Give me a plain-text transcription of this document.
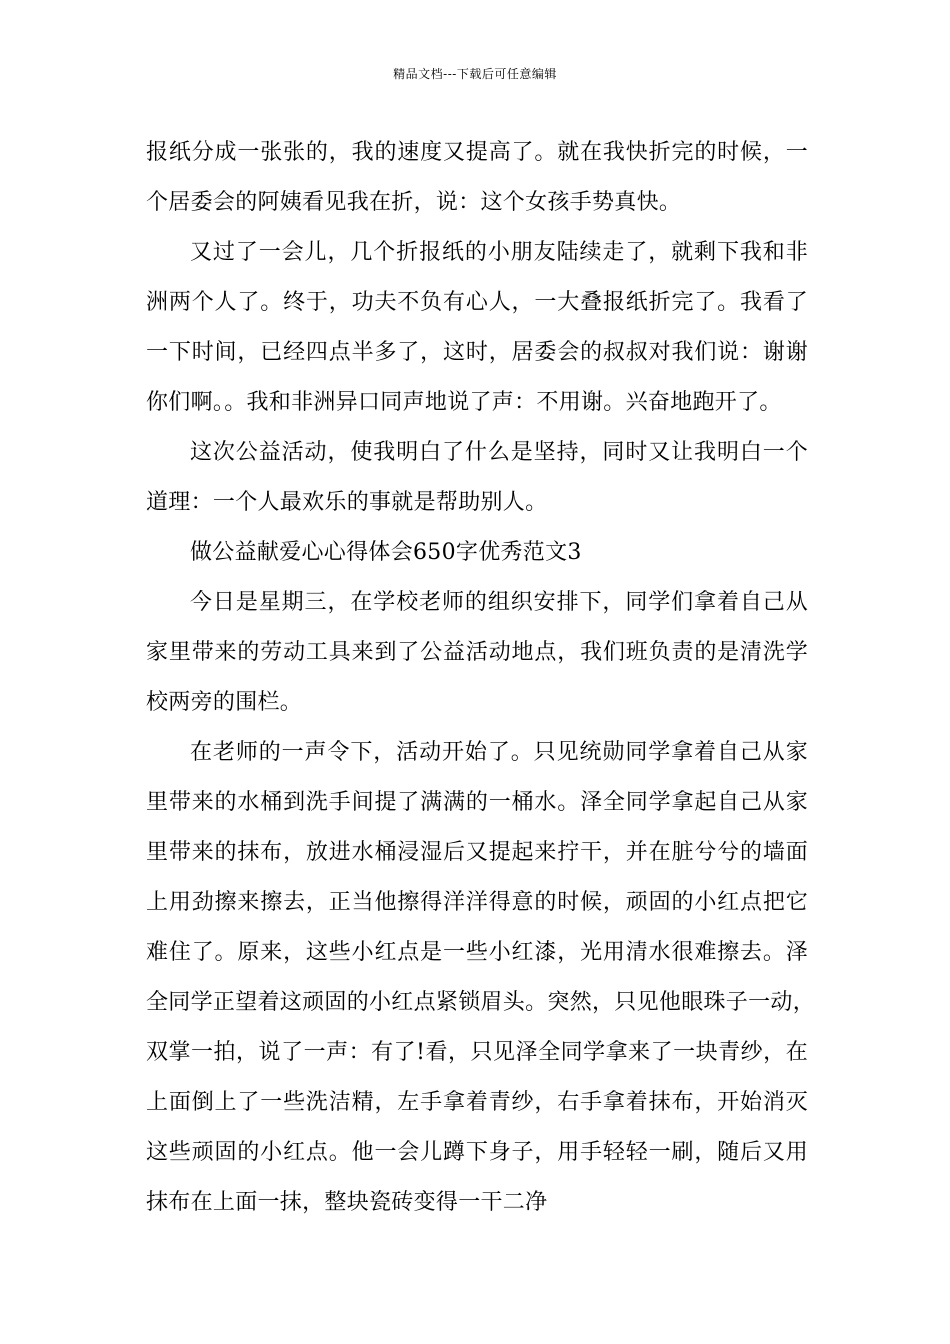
精品文档---下载后可任意编辑

报纸分成一张张的，我的速度又提高了。就在我快折完的时候，一
个居委会的阿姨看见我在折，说：这个女孩手势真快。

又过了一会儿，几个折报纸的小朋友陆续走了，就剩下我和非
洲两个人了。终于，功夫不负有心人，一大叠报纸折完了。我看了
一下时间，已经四点半多了，这时，居委会的叔叔对我们说：谢谢
你们啊。。我和非洲异口同声地说了声：不用谢。兴奋地跑开了。

这次公益活动，使我明白了什么是坚持，同时又让我明白一个
道理：一个人最欢乐的事就是帮助别人。

做公益献爱心心得体会650字优秀范文3

今日是星期三，在学校老师的组织安排下，同学们拿着自己从
家里带来的劳动工具来到了公益活动地点，我们班负责的是清洗学
校两旁的围栏。

在老师的一声令下，活动开始了。只见统勋同学拿着自己从家
里带来的水桶到洗手间提了满满的一桶水。泽全同学拿起自己从家
里带来的抹布，放进水桶浸湿后又提起来拧干，并在脏兮兮的墙面
上用劲擦来擦去，正当他擦得洋洋得意的时候，顽固的小红点把它
难住了。原来，这些小红点是一些小红漆，光用清水很难擦去。泽
全同学正望着这顽固的小红点紧锁眉头。突然，只见他眼珠子一动，
双掌一拍，说了一声：有了!看，只见泽全同学拿来了一块青纱，在
上面倒上了一些洗洁精，左手拿着青纱，右手拿着抹布，开始消灭
这些顽固的小红点。他一会儿蹲下身子，用手轻轻一刷，随后又用
抹布在上面一抹，整块瓷砖变得一干二净
